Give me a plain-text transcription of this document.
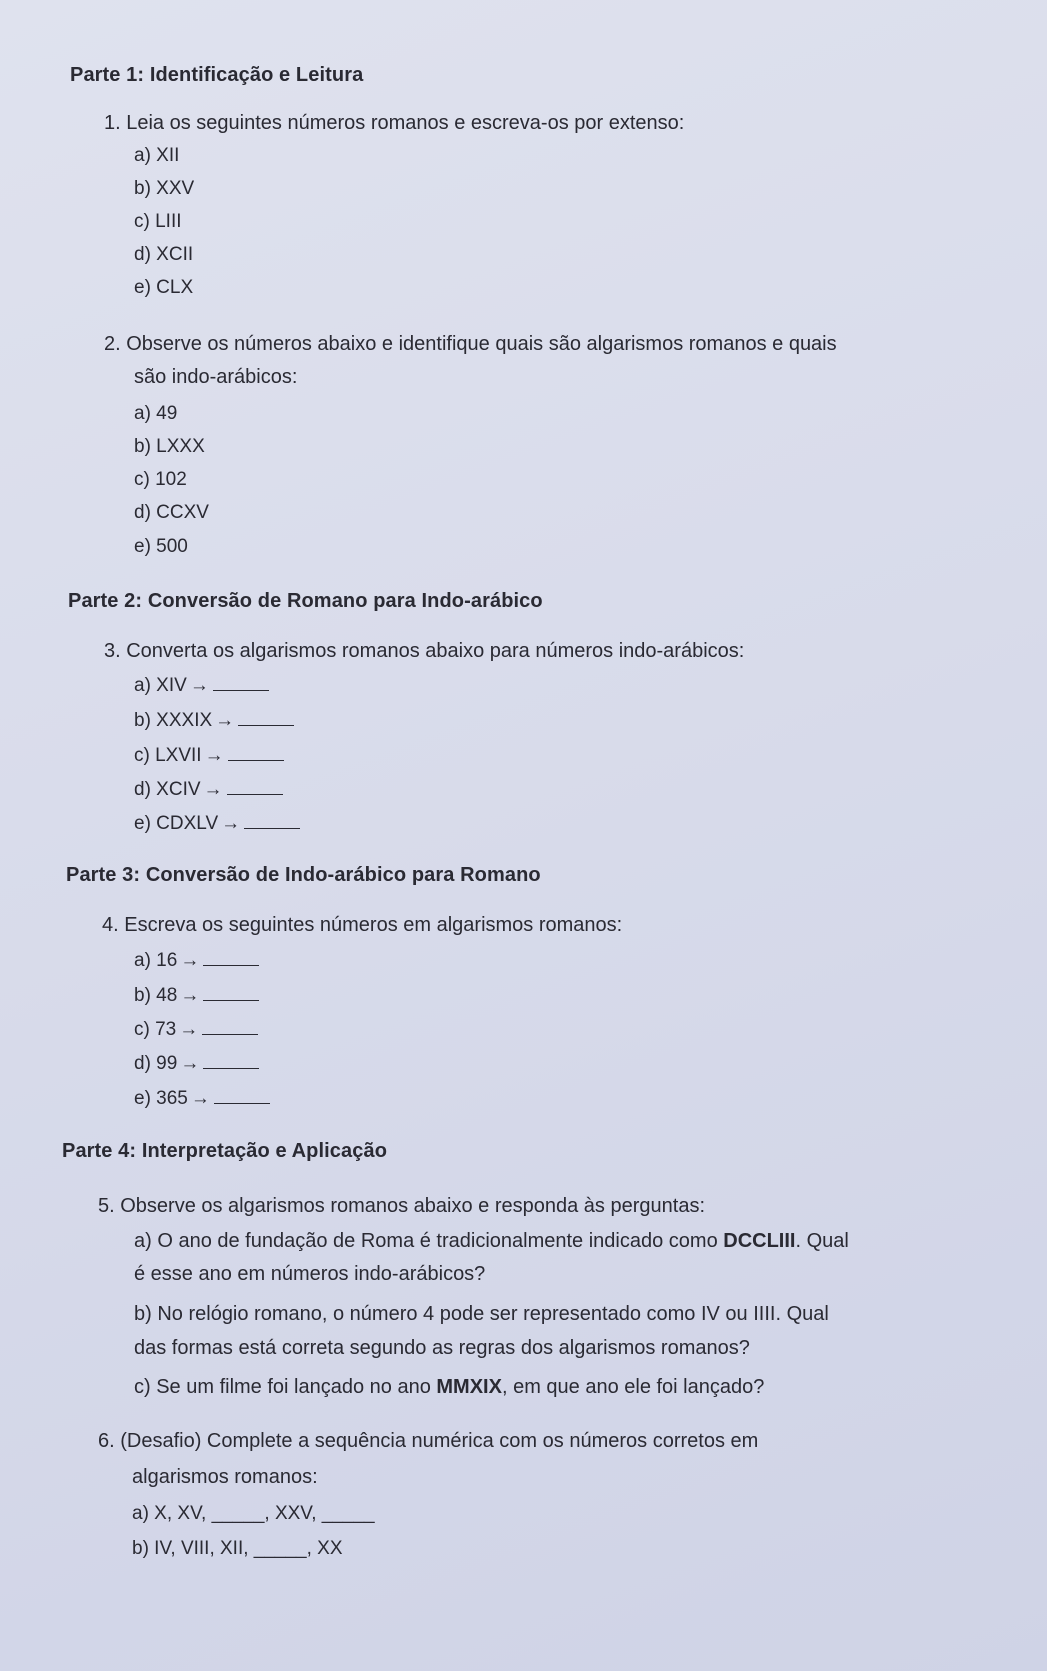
Parte 1: Identificação e Leitura
1. Leia os seguintes números romanos e escreva-os por extenso:
a) XII
b) XXV
c) LIII
d) XCII
e) CLX
2. Observe os números abaixo e identifique quais são algarismos romanos e quais
são indo-arábicos:
a) 49
b) LXXX
c) 102
d) CCXV
e) 500
Parte 2: Conversão de Romano para Indo-arábico
3. Converta os algarismos romanos abaixo para números indo-arábicos:
a) XIV →
b) XXXIX →
c) LXVII →
d) XCIV →
e) CDXLV →
Parte 3: Conversão de Indo-arábico para Romano
4. Escreva os seguintes números em algarismos romanos:
a) 16 →
b) 48 →
c) 73 →
d) 99 →
e) 365 →
Parte 4: Interpretação e Aplicação
5. Observe os algarismos romanos abaixo e responda às perguntas:
a) O ano de fundação de Roma é tradicionalmente indicado como DCCLIII. Qual
é esse ano em números indo-arábicos?
b) No relógio romano, o número 4 pode ser representado como IV ou IIII. Qual
das formas está correta segundo as regras dos algarismos romanos?
c) Se um filme foi lançado no ano MMXIX, em que ano ele foi lançado?
6. (Desafio) Complete a sequência numérica com os números corretos em
algarismos romanos:
a) X, XV, _____, XXV, _____
b) IV, VIII, XII, _____, XX
